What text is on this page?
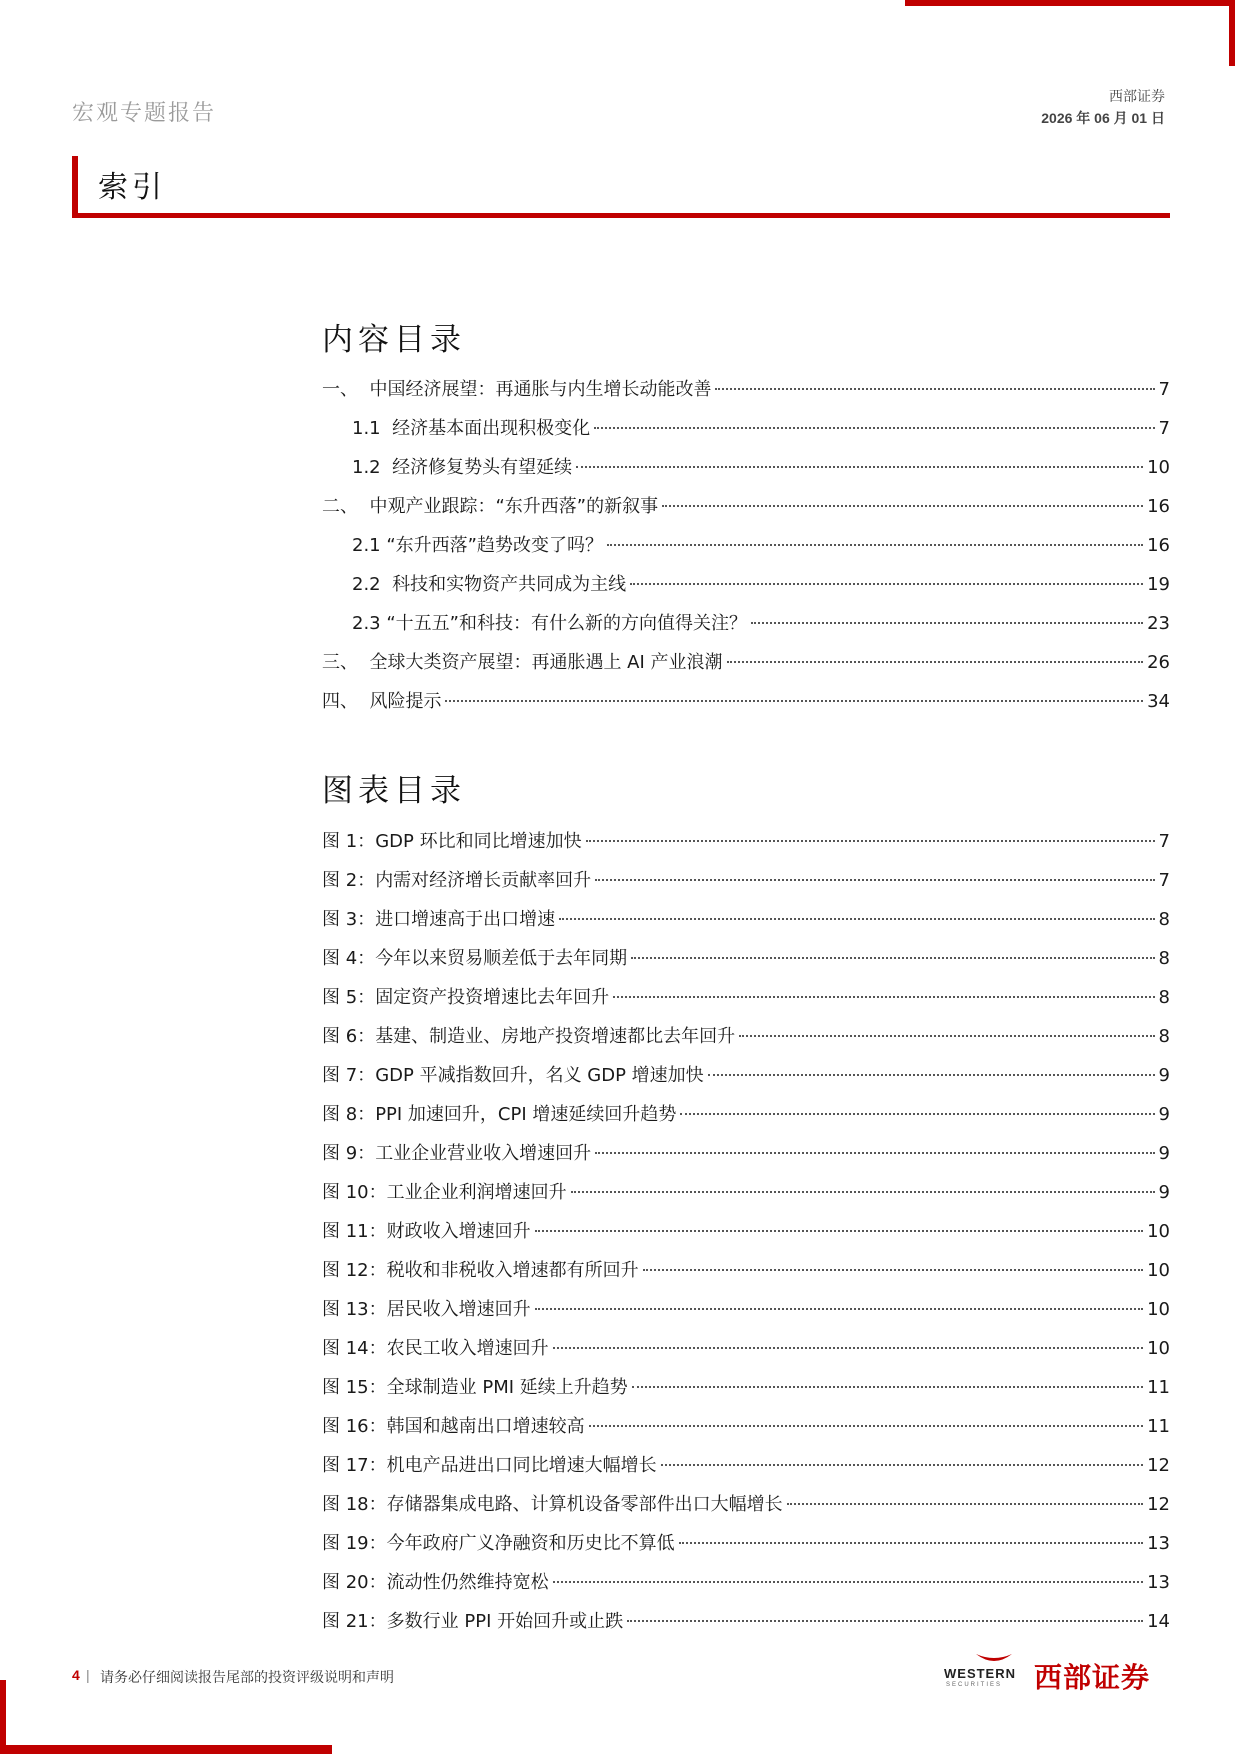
宏观专题报告
西部证券
2026 年 06 月 01 日
索引
内容目录
一、 中国经济展望：再通胀与内生增长动能改善	7
1.1 经济基本面出现积极变化	7
1.2 经济修复势头有望延续	10
二、 中观产业跟踪：“东升西落”的新叙事	16
2.1 “东升西落”趋势改变了吗？	16
2.2 科技和实物资产共同成为主线	19
2.3 “十五五”和科技：有什么新的方向值得关注？	23
三、 全球大类资产展望：再通胀遇上 AI 产业浪潮	26
四、 风险提示	34
图表目录
图 1： GDP 环比和同比增速加快	7
图 2： 内需对经济增长贡献率回升	7
图 3： 进口增速高于出口增速	8
图 4： 今年以来贸易顺差低于去年同期	8
图 5： 固定资产投资增速比去年回升	8
图 6： 基建、制造业、房地产投资增速都比去年回升	8
图 7： GDP 平减指数回升，名义 GDP 增速加快	9
图 8： PPI 加速回升，CPI 增速延续回升趋势	9
图 9： 工业企业营业收入增速回升	9
图 10： 工业企业利润增速回升	9
图 11： 财政收入增速回升	10
图 12： 税收和非税收入增速都有所回升	10
图 13： 居民收入增速回升	10
图 14： 农民工收入增速回升	10
图 15： 全球制造业 PMI 延续上升趋势	11
图 16： 韩国和越南出口增速较高	11
图 17： 机电产品进出口同比增速大幅增长	12
图 18： 存储器集成电路、计算机设备零部件出口大幅增长	12
图 19： 今年政府广义净融资和历史比不算低	13
图 20： 流动性仍然维持宽松	13
图 21： 多数行业 PPI 开始回升或止跌	14
4 | 请务必仔细阅读报告尾部的投资评级说明和声明	WESTERN
SECURITIES 西部证券
